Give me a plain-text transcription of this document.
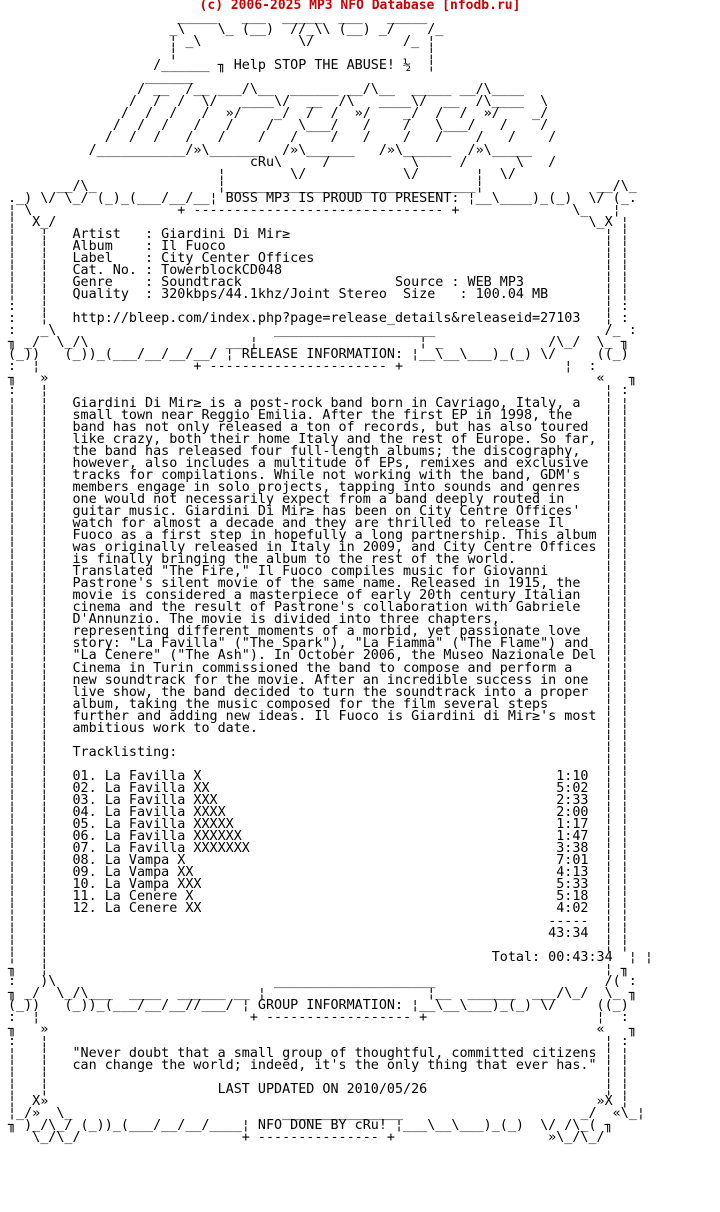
(c) 2006-2025 MP3 NFO Database [nfodb.ru]
_____   ___  _____  ___   _____
_\    \_ (__)  //_\\ (__) _/    /_
¦ _\            \/           /_ ¦
¦                               ¦
/______ ╖ Help STOP THE ABUSE! ½  ¦
______
/ __  /__ ___/\__  ______ __/\__  _____ __/\____
/  /  /  \/   ____\/  __  /\   ____\/  __  /\____  \
/  /  /   /  »/    _/  /  /  »/    _/  /  /  »/    _/
/  /  /   /   /    /   \___/   /    /   \___/   /    /
/  /  /   /   /    /   /    /   /    /   /    /   /    /
/___________/»\______   /»\______   /»\______  /»\_____
cRu\     /          \     /      \   /
¦        \/            \/       ¦  \/
__/\_               ¦_______________________________¦              __/\_
._) \/ \_/ (_)_(___/__/__¦ BOSS MP3 IS PROUD TO PRESENT: ¦__\____)_(_)  \/ (_.
¦ \                  + ------------------------------- +              \_   ¦
¦  X_/                                                                  \_X ¦
¦   ¦   Artist   : Giardini Di Mir≥                                       ¦ ¦
¦   ¦   Album    : Il Fuoco                                               ¦ ¦
¦   ¦   Label    : City Center Offices                                    ¦ ¦
¦   ¦   Cat. No. : TowerblockCD048                                        ¦ ¦
¦   ¦   Genre    : Soundtrack                   Source : WEB MP3          ¦ ¦
¦   ¦   Quality  : 320kbps/44.1khz/Joint Stereo  Size   : 100.04 MB       ¦ ¦
:   ¦                                                                     ¦ :
:   ¦   http://bleep.com/index.php?page=release_details&releaseid=27103   ¦ :
:   _\                           ____________________                     /_ :
╖ _/  \_/\                 __ ¦                    ¦ _             /\_/  \_ ╖
(_))   (_))_(___/__/__/__/ ¦ RELEASE INFORMATION: ¦__\__\___)_(_) \/     ((_)
:  ¦                   + ---------------------- +                    ¦  :
╖   »                                                                    «   ╖
:   ¦                                                                     ¦ :
¦   ¦   Giardini Di Mir≥ is a post-rock band born in Cavriago, Italy, a   ¦ ¦
¦   ¦   small town near Reggio Emilia. After the first EP in 1998, the    ¦ ¦
¦   ¦   band has not only released a ton of records, but has also toured  ¦ ¦
¦   ¦   like crazy, both their home Italy and the rest of Europe. So far, ¦ ¦
¦   ¦   the band has released four full-length albums; the discography,   ¦ ¦
¦   ¦   however, also includes a multitude of EPs, remixes and exclusive  ¦ ¦
¦   ¦   tracks for compilations. While not working with the band, GDM's   ¦ ¦
¦   ¦   members engage in solo projects, tapping into sounds and genres   ¦ ¦
¦   ¦   one would not necessarily expect from a band deeply routed in     ¦ ¦
¦   ¦   guitar music. Giardini Di Mir≥ has been on City Centre Offices'   ¦ ¦
¦   ¦   watch for almost a decade and they are thrilled to release Il     ¦ ¦
¦   ¦   Fuoco as a first step in hopefully a long partnership. This album ¦ ¦
¦   ¦   was originally released in Italy in 2009, and City Centre Offices ¦ ¦
¦   ¦   is finally bringing the album to the rest of the world.           ¦ ¦
¦   ¦   Translated "The Fire," Il Fuoco compiles music for Giovanni       ¦ ¦
¦   ¦   Pastrone's silent movie of the same name. Released in 1915, the   ¦ ¦
¦   ¦   movie is considered a masterpiece of early 20th century Italian   ¦ ¦
¦   ¦   cinema and the result of Pastrone's collaboration with Gabriele   ¦ ¦
¦   ¦   D'Annunzio. The movie is divided into three chapters,             ¦ ¦
¦   ¦   representing different moments of a morbid, yet passionate love   ¦ ¦
¦   ¦   story: "La Favilla" ("The Spark"), "La Fiamma" ("The Flame") and  ¦ ¦
¦   ¦   "La Cenere" ("The Ash"). In October 2006, the Museo Nazionale Del ¦ ¦
¦   ¦   Cinema in Turin commissioned the band to compose and perform a    ¦ ¦
¦   ¦   new soundtrack for the movie. After an incredible success in one  ¦ ¦
¦   ¦   live show, the band decided to turn the soundtrack into a proper  ¦ ¦
¦   ¦   album, taking the music composed for the film several steps       ¦ ¦
¦   ¦   further and adding new ideas. Il Fuoco is Giardini di Mir≥'s most ¦ ¦
¦   ¦   ambitious work to date.                                           ¦ ¦
¦   ¦                                                                     ¦ ¦
¦   ¦   Tracklisting:                                                     ¦ ¦
¦   ¦                                                                     ¦ ¦
¦   ¦   01. La Favilla X                                            1:10  ¦ ¦
¦   ¦   02. La Favilla XX                                           5:02  ¦ ¦
¦   ¦   03. La Favilla XXX                                          2:33  ¦ ¦
¦   ¦   04. La Favilla XXXX                                         2:00  ¦ ¦
¦   ¦   05. La Favilla XXXXX                                        1:17  ¦ ¦
¦   ¦   06. La Favilla XXXXXX                                       1:47  ¦ ¦
¦   ¦   07. La Favilla XXXXXXX                                      3:38  ¦ ¦
¦   ¦   08. La Vampa X                                              7:01  ¦ ¦
¦   ¦   09. La Vampa XX                                             4:13  ¦ ¦
¦   ¦   10. La Vampa XXX                                            5:33  ¦ ¦
¦   ¦   11. La Cenere X                                             5:18  ¦ ¦
¦   ¦   12. La Cenere XX                                            4:02  ¦ ¦
¦   ¦                                                              -----  ¦ ¦
¦   ¦                                                              43:34  ¦ ¦
¦   ¦                                                                     ¦ ¦
¦   ¦                                                       Total: 00:43:34  ¦ ¦
╖   ¦                                                                     ¦ ╖
:   )\                           ____________________                     /( :
╖ _/  \_/\___  ____  ______ __ ¦                    ¦__  ______  ___/\_/  \_ ╖
(_))   (_))_(___/__/__//___/ ¦ GROUP INFORMATION: ¦__\__\___)_(_) \/     ((_)
:  ¦                          + ------------------ +                     ¦  :
╖   »                                                                    «   ╖
:   ¦                                                                     ¦ :
¦   ¦   "Never doubt that a small group of thoughtful, committed citizens ¦ ¦
¦   ¦   can change the world; indeed, it's the only thing that ever has." ¦ ¦
¦   ¦                                                                     ¦ ¦
¦   ¦                     LAST UPDATED ON 2010/05/26                      ¦ ¦
¦  X»                                                                    »X ¦
¦_/»  \_                          _______________                      _/  «\_¦
╖ )_/\_/ (_))_(___/__/__/____¦ NFO DONE BY cRu! ¦___\__\___)_(_)  \/ /\_( ╖
\_/\_/                    + --------------- +                   »\_/\_/
